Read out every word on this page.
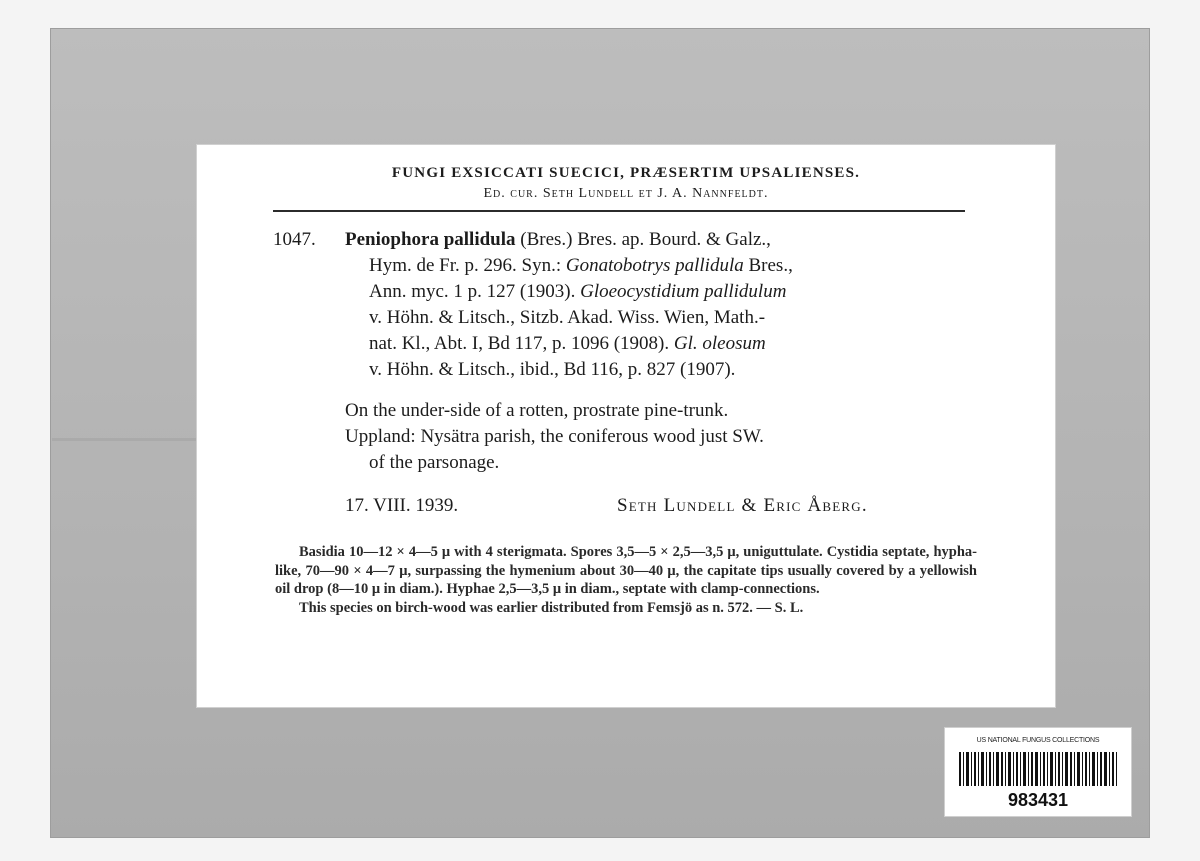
FUNGI EXSICCATI SUECICI, PRÆSERTIM UPSALIENSES.
Ed. cur. Seth Lundell et J. A. Nannfeldt.
1047. Peniophora pallidula (Bres.) Bres. ap. Bourd. & Galz.,
Hym. de Fr. p. 296. Syn.: Gonatobotrys pallidula Bres.,
Ann. myc. 1 p. 127 (1903). Gloeocystidium pallidulum
v. Höhn. & Litsch., Sitzb. Akad. Wiss. Wien, Math.-
nat. Kl., Abt. I, Bd 117, p. 1096 (1908). Gl. oleosum
v. Höhn. & Litsch., ibid., Bd 116, p. 827 (1907).
On the under-side of a rotten, prostrate pine-trunk.
Uppland: Nysätra parish, the coniferous wood just SW.
of the parsonage.
17. VIII. 1939.	Seth Lundell & Eric Åberg.

Basidia 10—12 × 4—5 μ with 4 sterigmata. Spores 3,5—5 × 2,5—3,5 μ, uniguttulate. Cystidia septate, hypha-like, 70—90 × 4—7 μ, surpassing the hymenium about 30—40 μ, the capitate tips usually covered by a yellowish oil drop (8—10 μ in diam.). Hyphae 2,5—3,5 μ in diam., septate with clamp-connections.

This species on birch-wood was earlier distributed from Femsjö as n. 572. — S. L.

US NATIONAL FUNGUS COLLECTIONS
983431
